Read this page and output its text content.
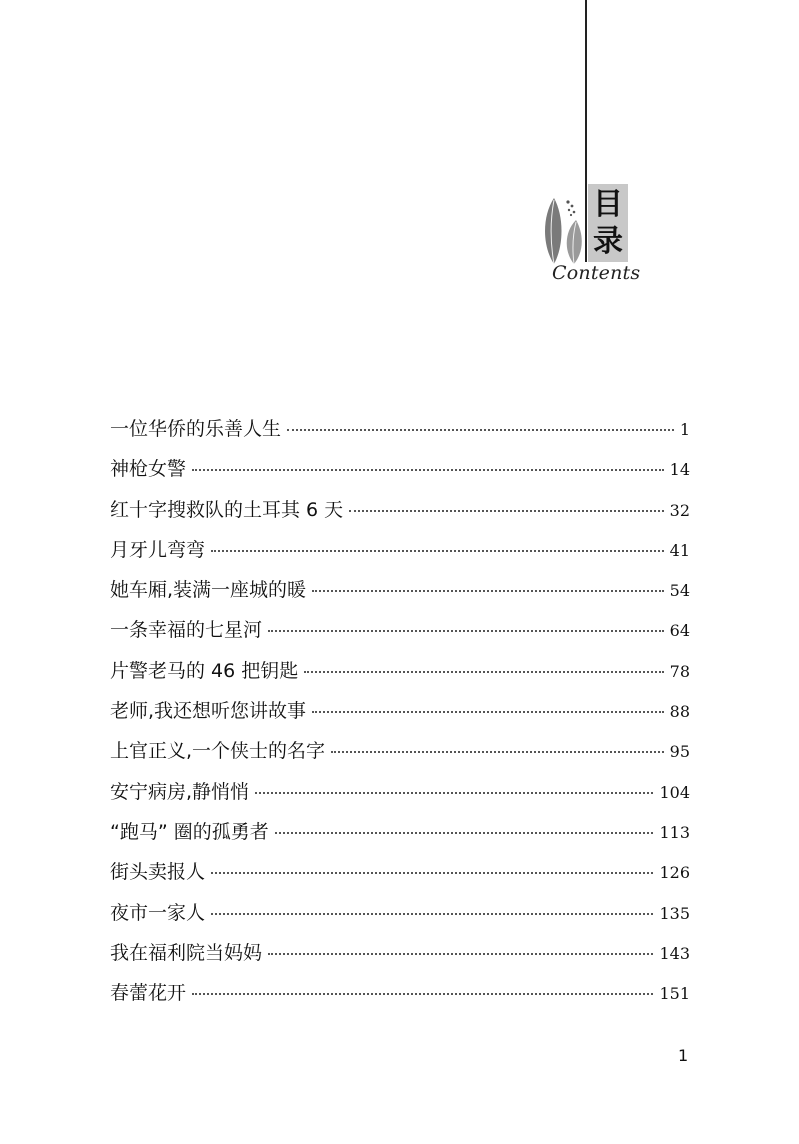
目
录
Contents
一位华侨的乐善人生	1
神枪女警	14
红十字搜救队的土耳其 6 天	32
月牙儿弯弯	41
她车厢,装满一座城的暖	54
一条幸福的七星河	64
片警老马的 46 把钥匙	78
老师,我还想听您讲故事	88
上官正义,一个侠士的名字	95
安宁病房,静悄悄	104
“跑马” 圈的孤勇者	113
街头卖报人	126
夜市一家人	135
我在福利院当妈妈	143
春蕾花开	151
1
